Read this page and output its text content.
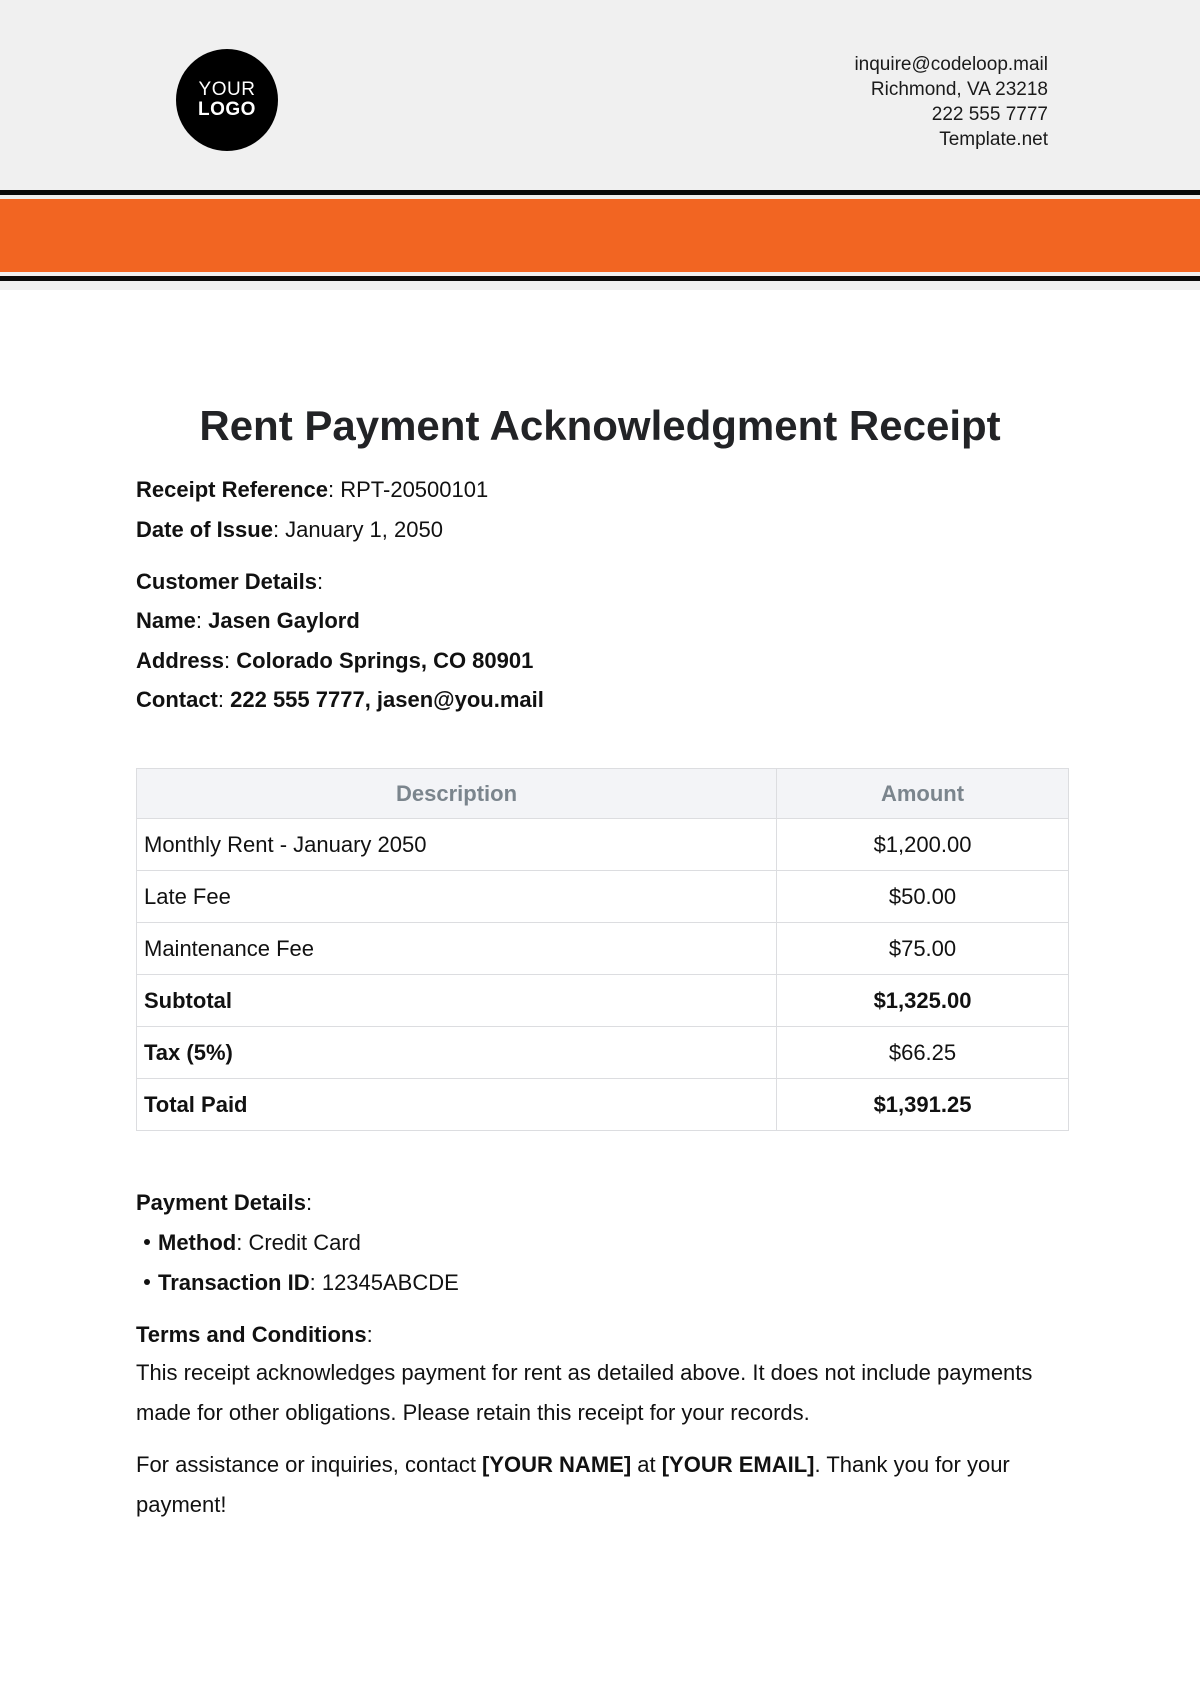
YOUR
LOGO
inquire@codeloop.mail
Richmond, VA 23218
222 555 7777
Template.net
Rent Payment Acknowledgment Receipt
Receipt Reference: RPT-20500101
Date of Issue: January 1, 2050
Customer Details:
Name: Jasen Gaylord
Address: Colorado Springs, CO 80901
Contact: 222 555 7777, jasen@you.mail
Description	Amount
Monthly Rent - January 2050	$1,200.00
Late Fee	$50.00
Maintenance Fee	$75.00
Subtotal	$1,325.00
Tax (5%)	$66.25
Total Paid	$1,391.25
Payment Details:
Method: Credit Card
Transaction ID: 12345ABCDE
Terms and Conditions:

This receipt acknowledges payment for rent as detailed above. It does not include payments made for other obligations. Please retain this receipt for your records.

For assistance or inquiries, contact [YOUR NAME] at [YOUR EMAIL]. Thank you for your payment!
